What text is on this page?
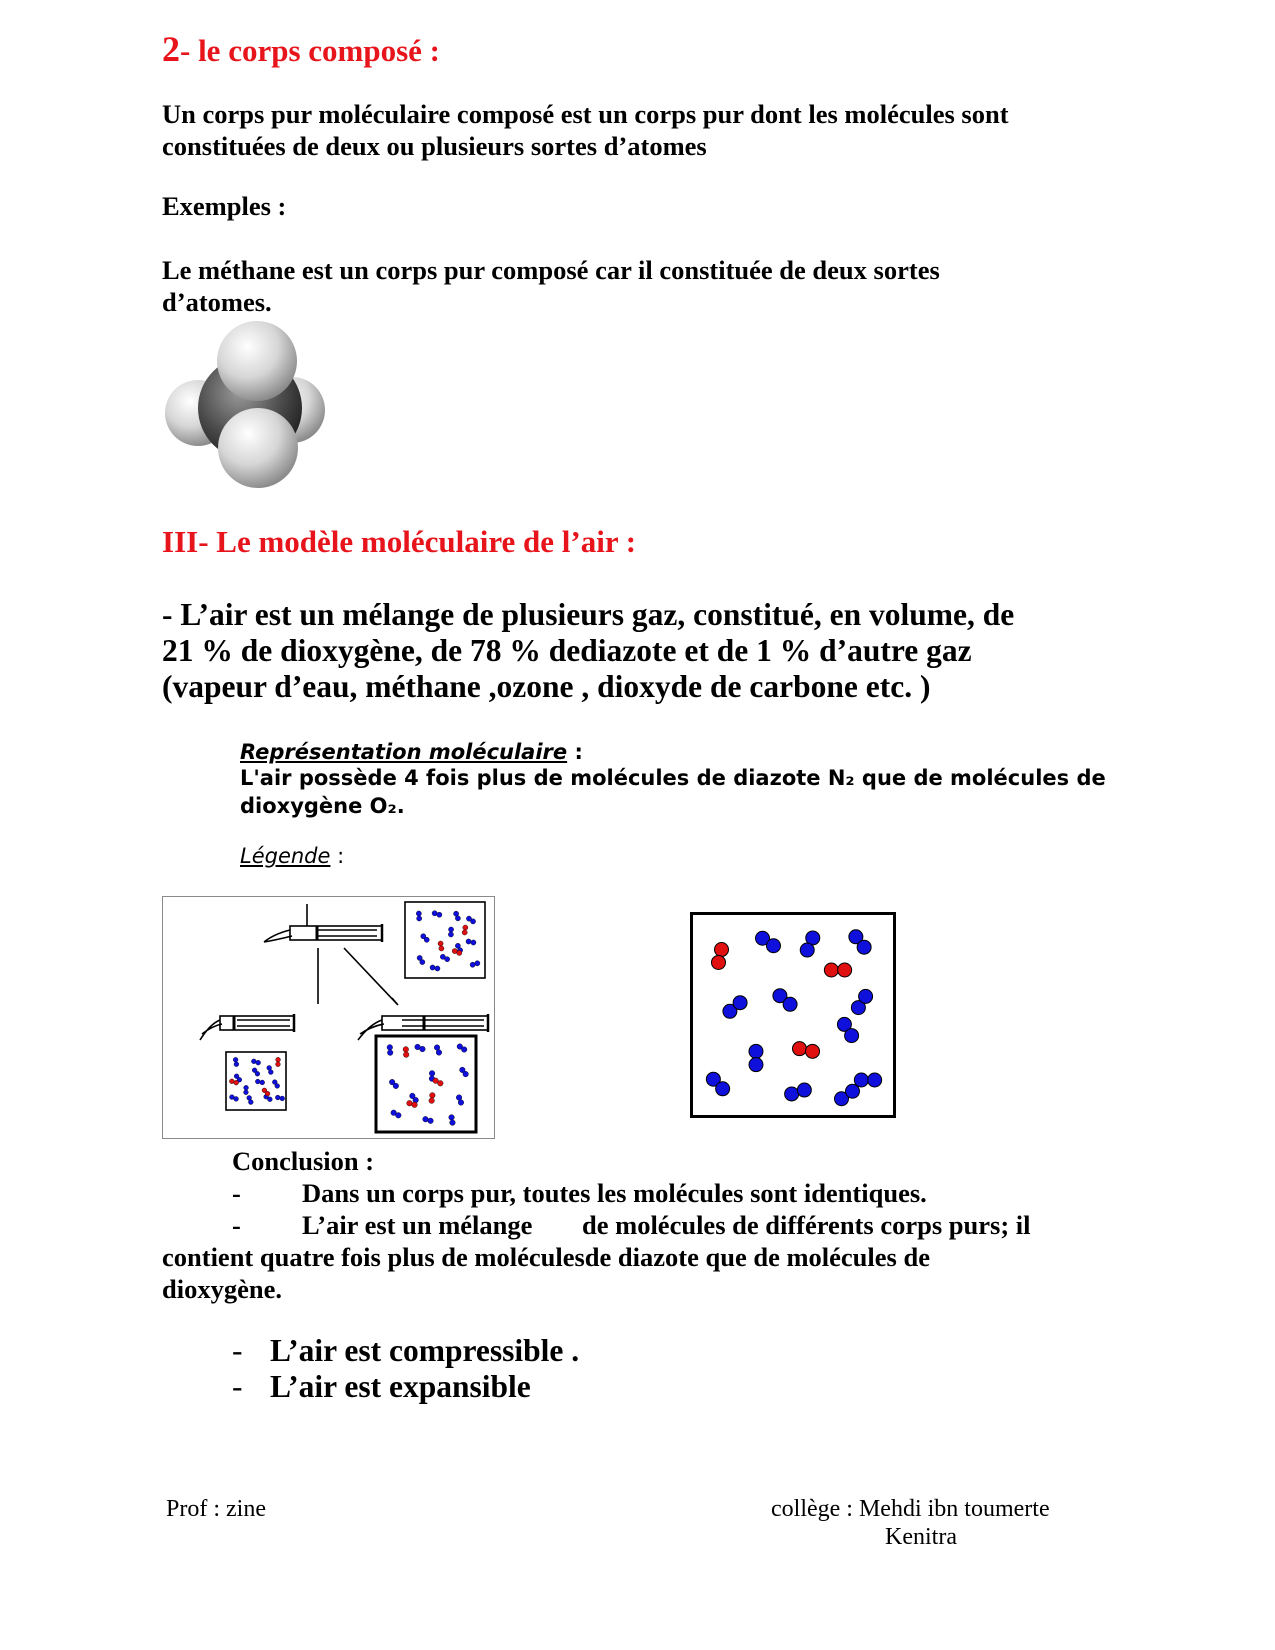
2- le corps composé :
Un corps pur moléculaire composé est un corps pur dont les molécules sont
constituées de deux ou plusieurs sortes d’atomes
Exemples :
Le méthane est un corps pur composé car il constituée de deux sortes
d’atomes.
III- Le modèle moléculaire de l’air :
- L’air est un mélange de plusieurs gaz, constitué, en volume, de
21 % de dioxygène, de 78 % dediazote et de 1 % d’autre gaz
(vapeur d’eau, méthane ,ozone , dioxyde de carbone etc. )
Représentation moléculaire :
L'air possède 4 fois plus de molécules de diazote N₂ que de molécules de
dioxygène O₂.
Légende :
Conclusion :
- Dans un corps pur, toutes les molécules sont identiques.
- L’air est un mélange de molécules de différents corps purs; il
contient quatre fois plus de moléculesde diazote que de molécules de
dioxygène.
- L’air est compressible .
- L’air est expansible
Prof : zine	collège : Mehdi ibn toumerte
Kenitra
